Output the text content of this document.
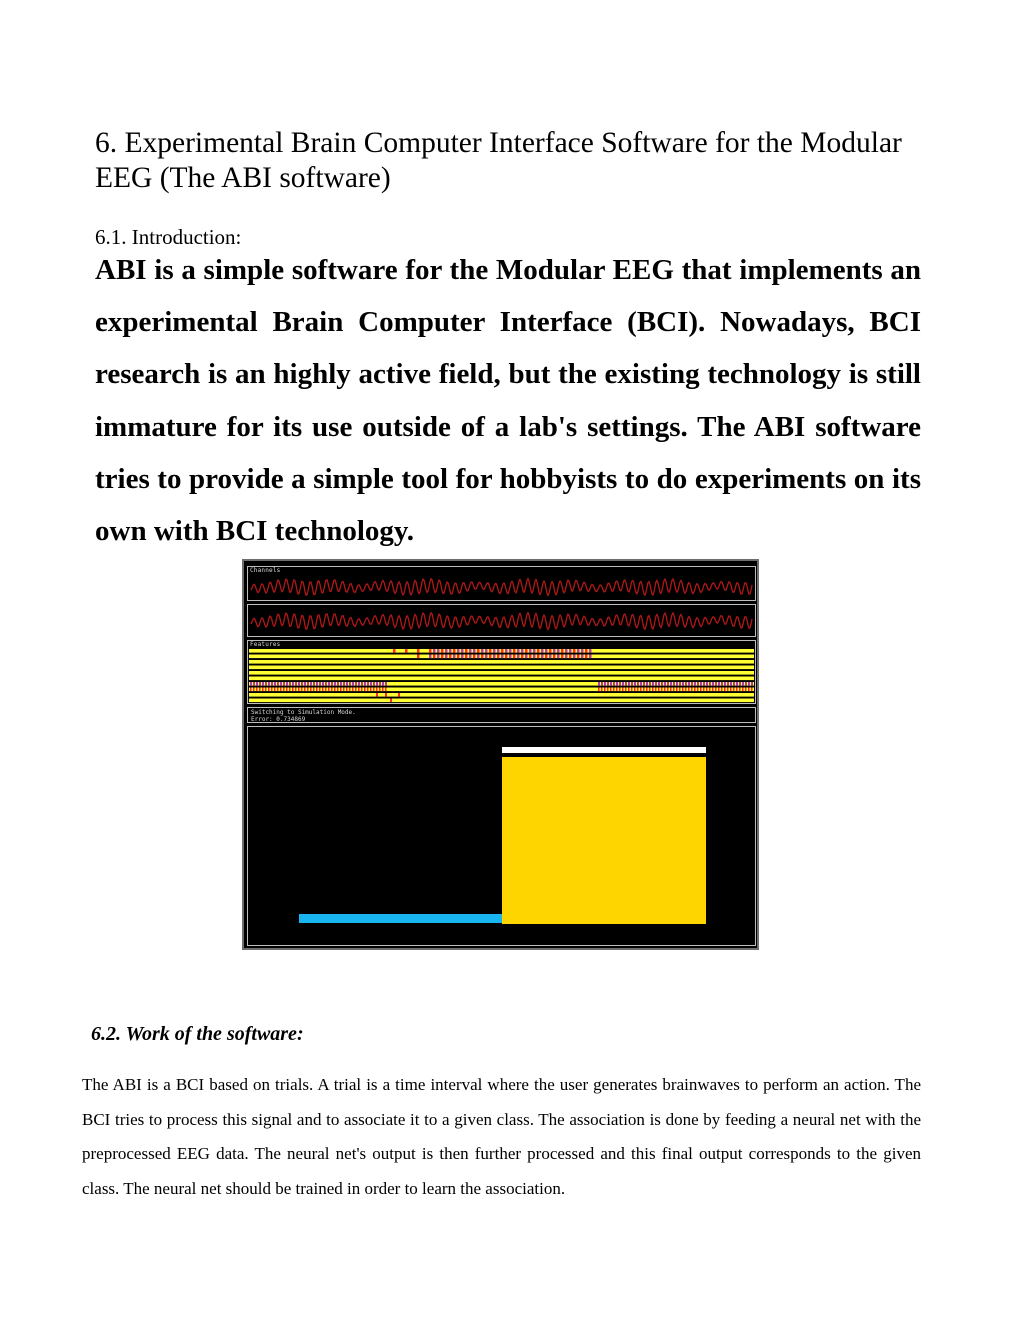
6. Experimental Brain Computer Interface Software for the Modular EEG (The ABI software)

6.1. Introduction:

ABI is a simple software for the Modular EEG that implements an experimental Brain Computer Interface (BCI). Nowadays, BCI research is an highly active field, but the existing technology is still immature for its use outside of a lab's settings. The ABI software tries to provide a simple tool for hobbyists to do experiments on its own with BCI technology.

Channels
Features
Switching to Simulation Mode.
Error: 0.734869
6.2. Work of the software:

The ABI is a BCI based on trials. A trial is a time interval where the user generates brainwaves to perform an action. The BCI tries to process this signal and to associate it to a given class. The association is done by feeding a neural net with the preprocessed EEG data. The neural net's output is then further processed and this final output corresponds to the given class. The neural net should be trained in order to learn the association.
